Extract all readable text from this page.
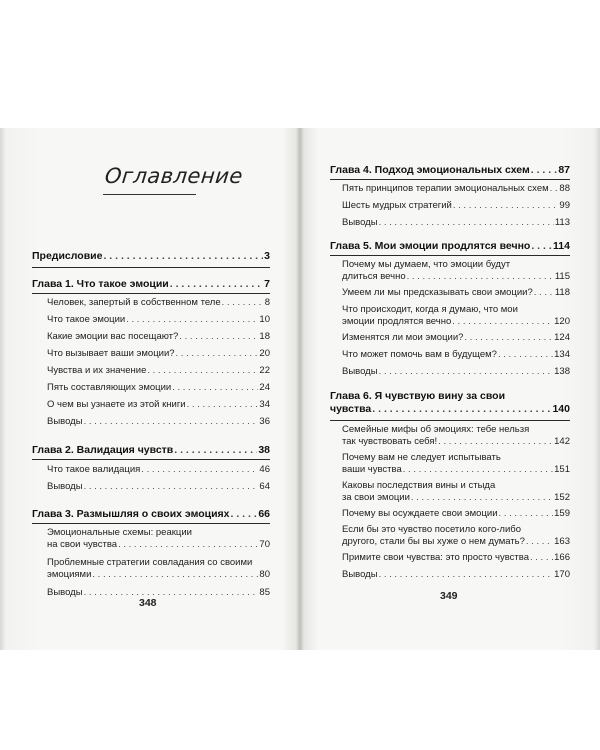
Оглавление
Предисловие . . .	3
Глава 1. Что такое эмоции . . .	7
Человек, запертый в собственном теле . . .	8
Что такое эмоции . . .	10
Какие эмоции вас посещают? . . .	18
Что вызывает ваши эмоции? . . .	20
Чувства и их значение . . .	22
Пять составляющих эмоции . . .	24
О чем вы узнаете из этой книги . . .	34
Выводы . . .	36
Глава 2. Валидация чувств . . .	38
Что такое валидация . . .	46
Выводы . . .	64
Глава 3. Размышляя о своих эмоциях . . .	66
Эмоциональные схемы: реакции
на свои чувства . . .	70
Проблемные стратегии совладания со своими
эмоциями . . .	80
Выводы . . .	85
348
Глава 4. Подход эмоциональных схем . . .	87
Пять принципов терапии эмоциональных схем . . . 88
Шесть мудрых стратегий . . .	99
Выводы . . .	113
Глава 5. Мои эмоции продлятся вечно . . . 114
Почему мы думаем, что эмоции будут
длиться вечно . . .	115
Умеем ли мы предсказывать свои эмоции? . . . 118
Что происходит, когда я думаю, что мои
эмоции продлятся вечно . . .	120
Изменятся ли мои эмоции? . . .	124
Что может помочь вам в будущем? . . .	134
Выводы . . .	138
Глава 6. Я чувствую вину за свои
чувства . . .	140
Семейные мифы об эмоциях: тебе нельзя
так чувствовать себя! . . .	142
Почему вам не следует испытывать
ваши чувства . . .	151
Каковы последствия вины и стыда
за свои эмоции . . .	152
Почему вы осуждаете свои эмоции . . .	159
Если бы это чувство посетило кого-либо
другого, стали бы вы хуже о нем думать? . . .	163
Примите свои чувства: это просто чувства . . .	166
Выводы . . .	170
349
